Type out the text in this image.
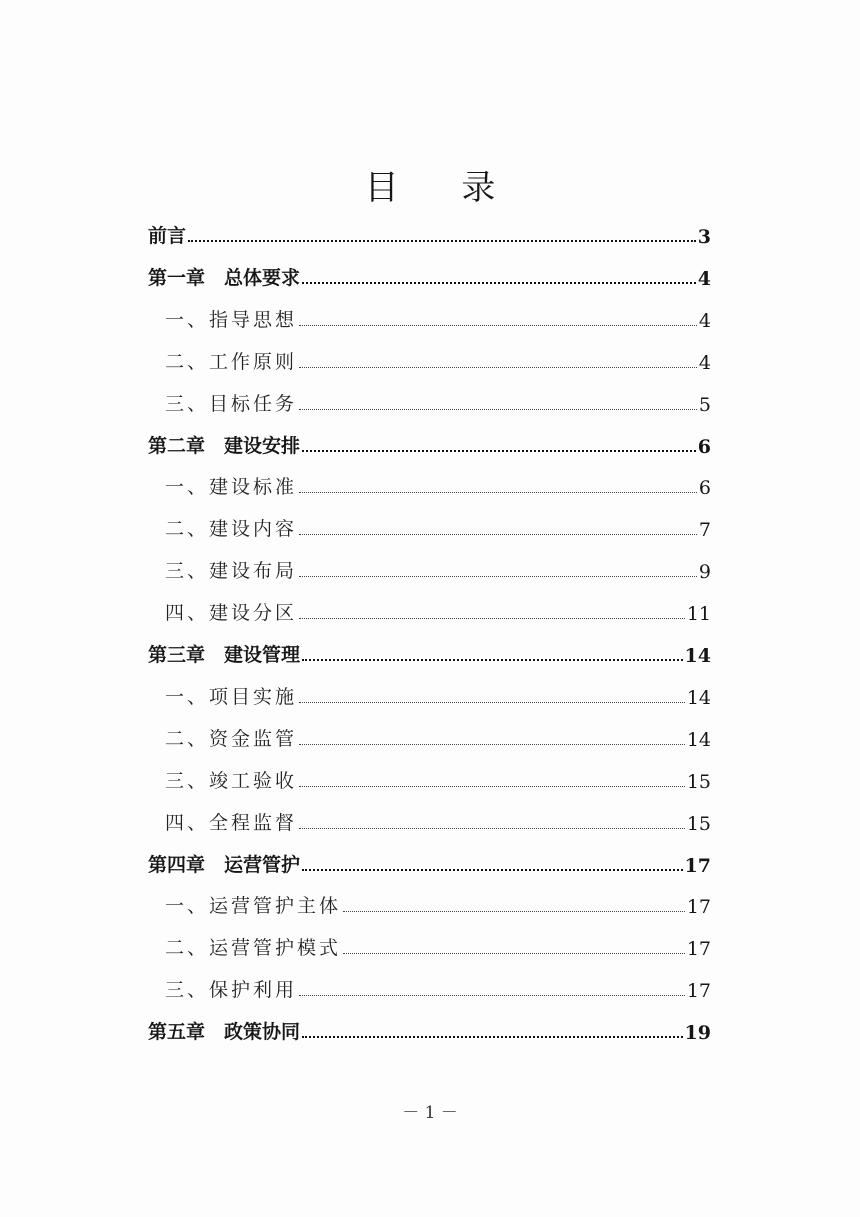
目 录
前言	3
第一章　总体要求	4
一、指导思想	4
二、工作原则	4
三、目标任务	5
第二章　建设安排	6
一、建设标准	6
二、建设内容	7
三、建设布局	9
四、建设分区	11
第三章　建设管理	14
一、项目实施	14
二、资金监管	14
三、竣工验收	15
四、全程监督	15
第四章　运营管护	17
一、运营管护主体	17
二、运营管护模式	17
三、保护利用	17
第五章　政策协同	19
－ 1 －
